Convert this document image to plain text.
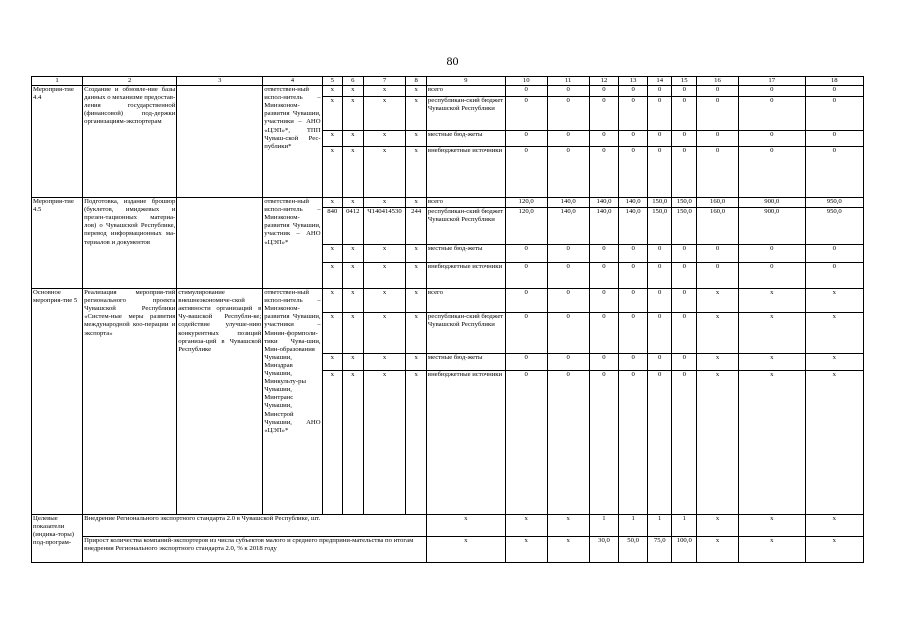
80
1	2	3	4	5	6	7	8	9	10	11	12	13	14	15	16	17	18
Мероприя-тие 4.4	Создание и обновле-ние базы данных о механизме предостав-ления государственной (финансовой) под-держки организациям-экспортерам		ответствен-ный испол-нитель – Минэконом-развития Чувашии, участники – АНО «ЦЭП»*, ТПП Чуваш-ской Рес-публики*	x	x	x	x	всего	0	0	0	0	0	0	0	0	0
				x	x	x	x	республикан-ский бюджет Чувашской Республики	0	0	0	0	0	0	0	0	0
				x	x	x	x	местные бюд-жеты	0	0	0	0	0	0	0	0	0
				x	x	x	x	внебюджетные источники	0	0	0	0	0	0	0	0	0
Мероприя-тие 4.5	Подготовка, издание брошюр (буклетов, имиджевых и презен-тационных материа-лов) о Чувашской Республике, перевод информационных ма-териалов и документов		ответствен-ный испол-нитель – Минэконом-развития Чувашии, участник – АНО «ЦЭП»*	x	x	x	x	всего	120,0	140,0	140,0	140,0	150,0	150,0	160,0	900,0	950,0
				840	0412	Ч140414530	244	республикан-ский бюджет Чувашской Республики	120,0	140,0	140,0	140,0	150,0	150,0	160,0	900,0	950,0
				x	x	x	x	местные бюд-жеты	0	0	0	0	0	0	0	0	0
				x	x	x	x	внебюджетные источники	0	0	0	0	0	0	0	0	0
Основное мероприя-тие 5	Реализация мероприя-тий регионального проекта Чувашской Республики «Систем-ные меры развития международной коо-перации и экспорта»	стимулирование внешнеэкономиче-ской активности организаций в Чу-вашской Республи-ке; содействие улучше-нию конкурентных позиций организа-ций в Чувашской Республике	ответствен-ный испол-нитель – Минэконом-развития Чувашии, участники – Минин-формполи-тики Чува-шии, Мин-образования Чувашии, Минздрав Чувашии, Минкульту-ры Чувашии, Минтранс Чувашии, Минстрой Чувашии, АНО «ЦЭП»*	x	x	x	x	всего	0	0	0	0	0	0	x	x	x
				x	x	x	x	республикан-ский бюджет Чувашской Республики	0	0	0	0	0	0	x	x	x
				x	x	x	x	местные бюд-жеты	0	0	0	0	0	0	x	x	x
				x	x	x	x	внебюджетные источники	0	0	0	0	0	0	x	x	x
Целевые показатели (индика-торы) под-програм-	Внедрение Регионального экспортного стандарта 2.0 в Чувашской Республике, шт.							x	x	x	1	1	1	1	x	x	x
	Прирост количества компаний-экспортеров из числа субъектов малого и среднего предприни-мательства по итогам внедрения Регионального экспортного стандарта 2.0, % к 2018 году							x	x	x	30,0	50,0	75,0	100,0	x	x	x
